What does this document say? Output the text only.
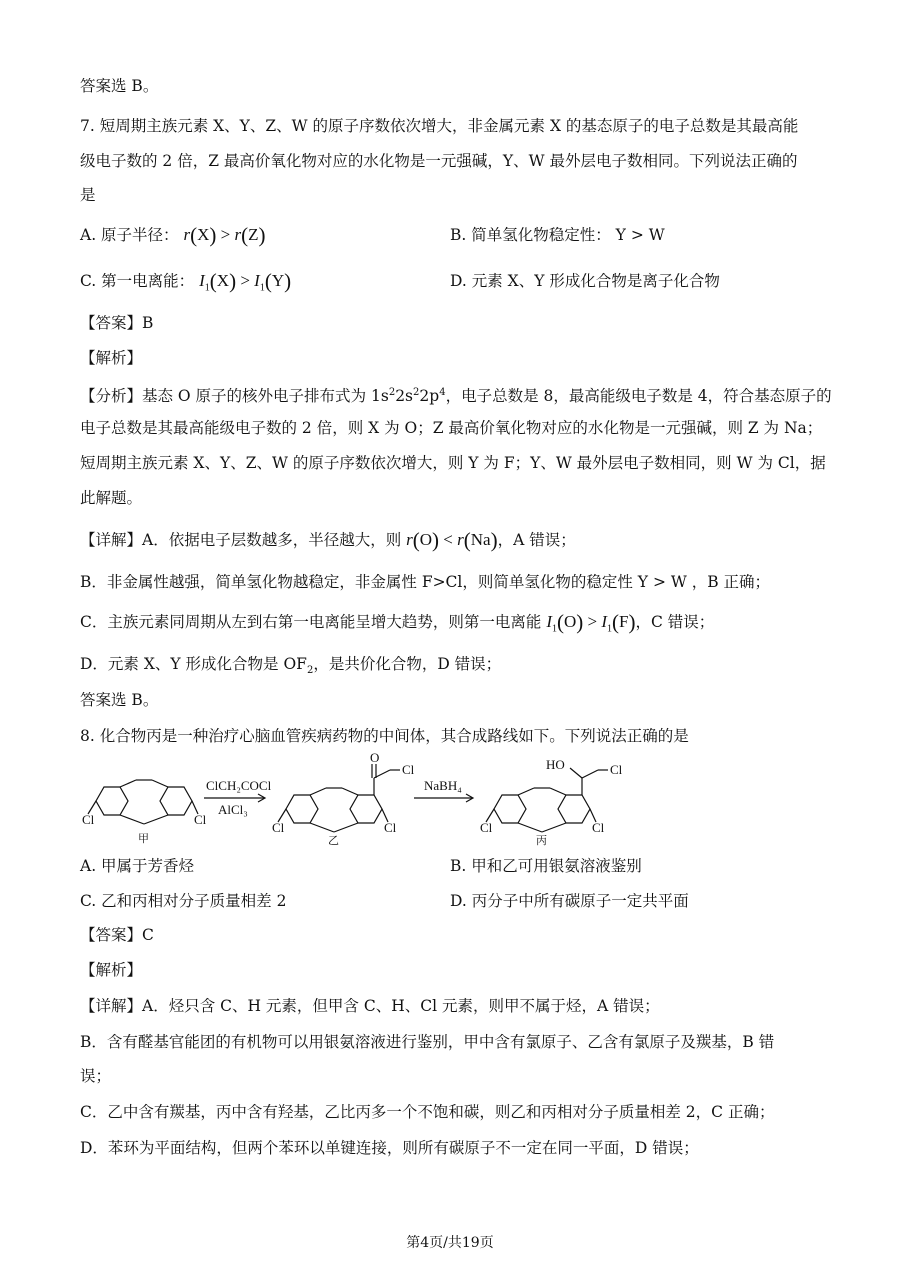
答案选 B。
7. 短周期主族元素 X、Y、Z、W 的原子序数依次增大，非金属元素 X 的基态原子的电子总数是其最高能
级电子数的 2 倍，Z 最高价氧化物对应的水化物是一元强碱，Y、W 最外层电子数相同。下列说法正确的
是
A. 原子半径： r(X) > r(Z)	B. 简单氢化物稳定性： Y > W
C. 第一电离能： $I_1(X) > I_1(Y)$	D. 元素 X、Y 形成化合物是离子化合物
【答案】B
【解析】
【分析】基态 O 原子的核外电子排布式为 $1s^22s^22p^4$，电子总数是 8，最高能级电子数是 4，符合基态原子的
电子总数是其最高能级电子数的 2 倍，则 X 为 O；Z 最高价氧化物对应的水化物是一元强碱，则 Z 为 Na；
短周期主族元素 X、Y、Z、W 的原子序数依次增大，则 Y 为 F；Y、W 最外层电子数相同，则 W 为 Cl，据
此解题。
【详解】A．依据电子层数越多，半径越大，则 r(O) < r(Na)，A 错误；
B．非金属性越强，简单氢化物越稳定，非金属性 F>Cl，则简单氢化物的稳定性 Y > W ，B 正确；
C．主族元素同周期从左到右第一电离能呈增大趋势，则第一电离能 $I_1(O) > I_1(F)$，C 错误；
D．元素 X、Y 形成化合物是 $OF_2$，是共价化合物，D 错误；
答案选 B。
8. 化合物丙是一种治疗心脑血管疾病药物的中间体，其合成路线如下。下列说法正确的是
Cl	Cl
甲
ClCH₂COCl
AlCl₃
O
Cl
Cl	Cl
乙
NaBH₄
HO	Cl
Cl	Cl
丙
A. 甲属于芳香烃	B. 甲和乙可用银氨溶液鉴别
C. 乙和丙相对分子质量相差 2	D. 丙分子中所有碳原子一定共平面
【答案】C
【解析】
【详解】A．烃只含 C、H 元素，但甲含 C、H、Cl 元素，则甲不属于烃，A 错误；
B．含有醛基官能团的有机物可以用银氨溶液进行鉴别，甲中含有氯原子、乙含有氯原子及羰基，B 错
误；
C．乙中含有羰基，丙中含有羟基，乙比丙多一个不饱和碳，则乙和丙相对分子质量相差 2，C 正确；
D．苯环为平面结构，但两个苯环以单键连接，则所有碳原子不一定在同一平面，D 错误；
第4页/共19页
